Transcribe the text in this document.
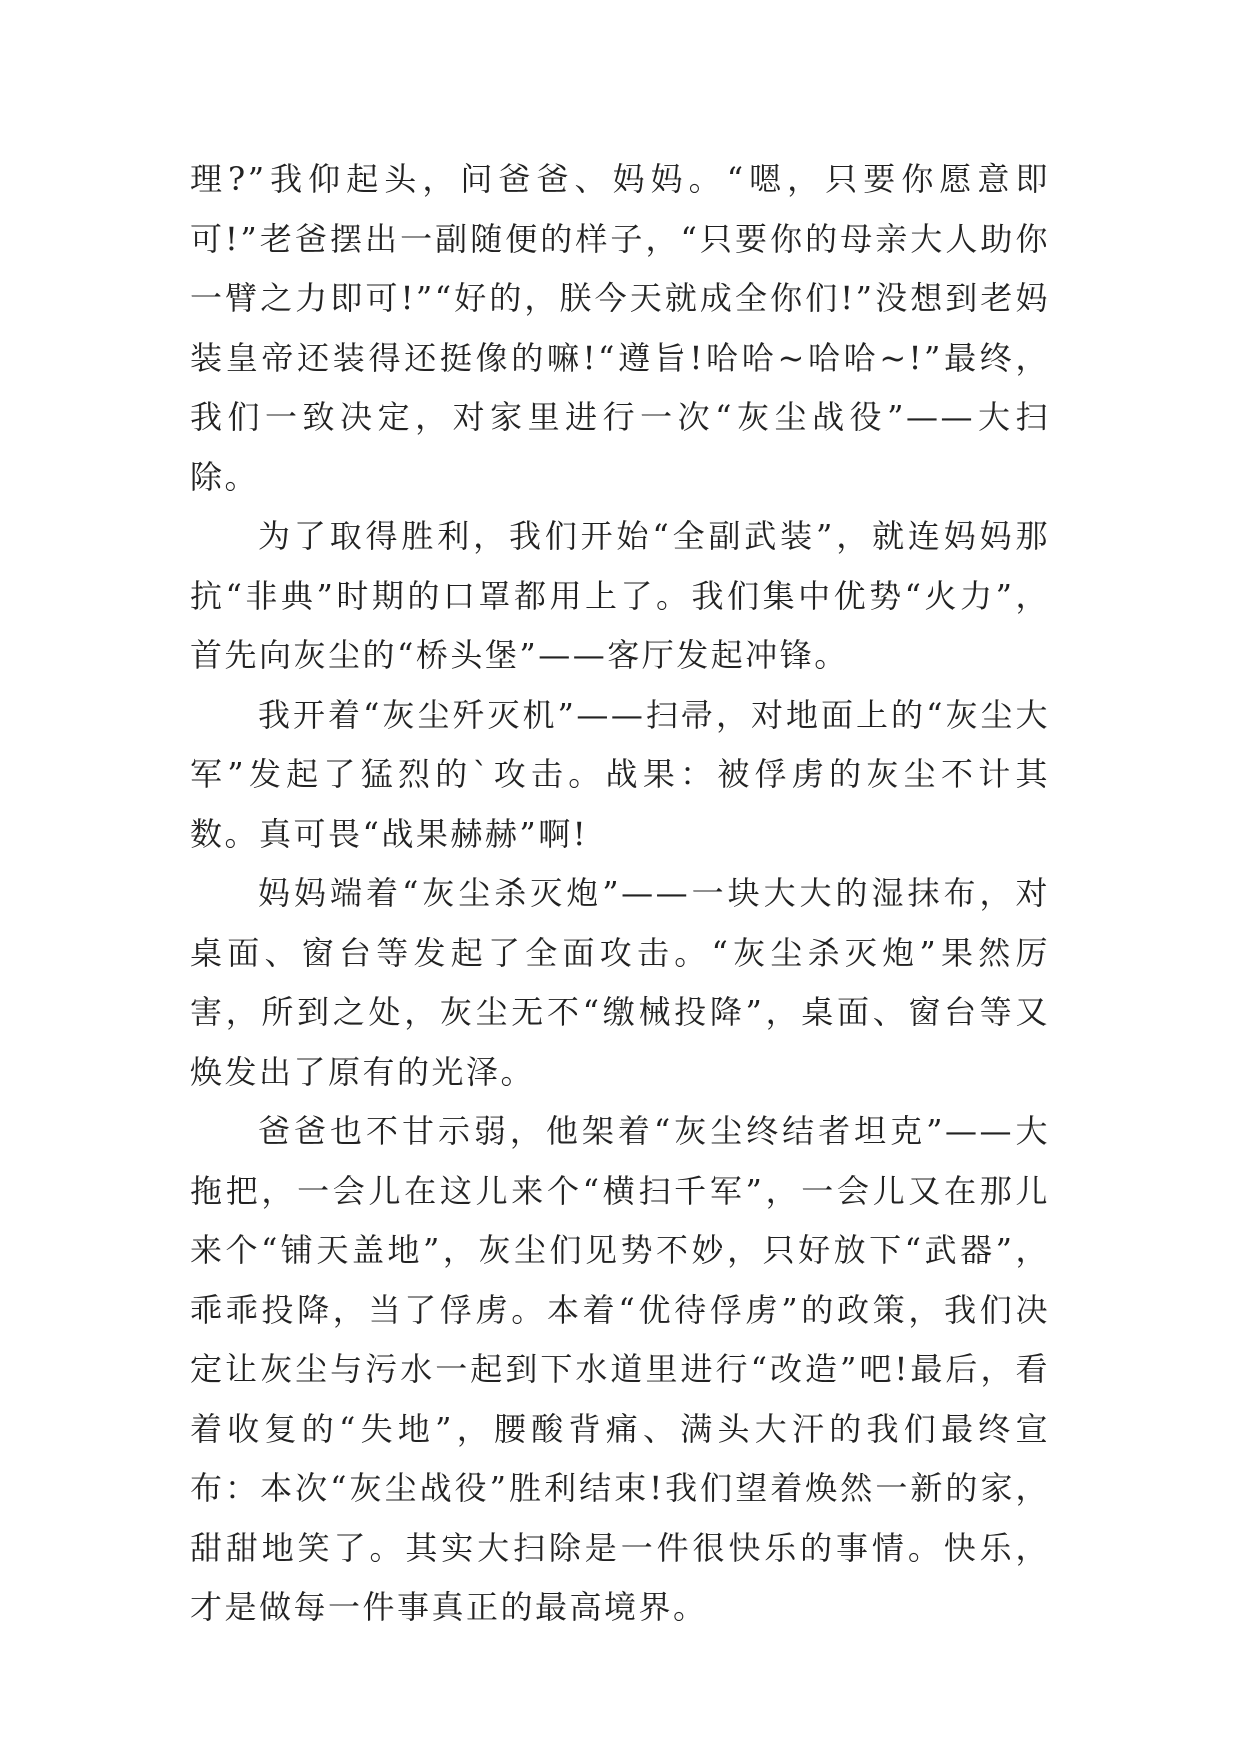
理?”我仰起头，问爸爸、妈妈。“嗯，只要你愿意即可!”老爸摆出一副随便的样子，“只要你的母亲大人助你一臂之力即可!”“好的，朕今天就成全你们!”没想到老妈装皇帝还装得还挺像的嘛!“遵旨!哈哈~哈哈~!”最终，我们一致决定，对家里进行一次“灰尘战役”——大扫除。

为了取得胜利，我们开始“全副武装”，就连妈妈那抗“非典”时期的口罩都用上了。我们集中优势“火力”，首先向灰尘的“桥头堡”——客厅发起冲锋。

我开着“灰尘歼灭机”——扫帚，对地面上的“灰尘大军”发起了猛烈的`攻击。战果：被俘虏的灰尘不计其数。真可畏“战果赫赫”啊!

妈妈端着“灰尘杀灭炮”——一块大大的湿抹布，对桌面、窗台等发起了全面攻击。“灰尘杀灭炮”果然厉害，所到之处，灰尘无不“缴械投降”，桌面、窗台等又焕发出了原有的光泽。

爸爸也不甘示弱，他架着“灰尘终结者坦克”——大拖把，一会儿在这儿来个“横扫千军”，一会儿又在那儿来个“铺天盖地”，灰尘们见势不妙，只好放下“武器”，乖乖投降，当了俘虏。本着“优待俘虏”的政策，我们决定让灰尘与污水一起到下水道里进行“改造”吧!最后，看着收复的“失地”，腰酸背痛、满头大汗的我们最终宣布：本次“灰尘战役”胜利结束!我们望着焕然一新的家，甜甜地笑了。其实大扫除是一件很快乐的事情。快乐，才是做每一件事真正的最高境界。
